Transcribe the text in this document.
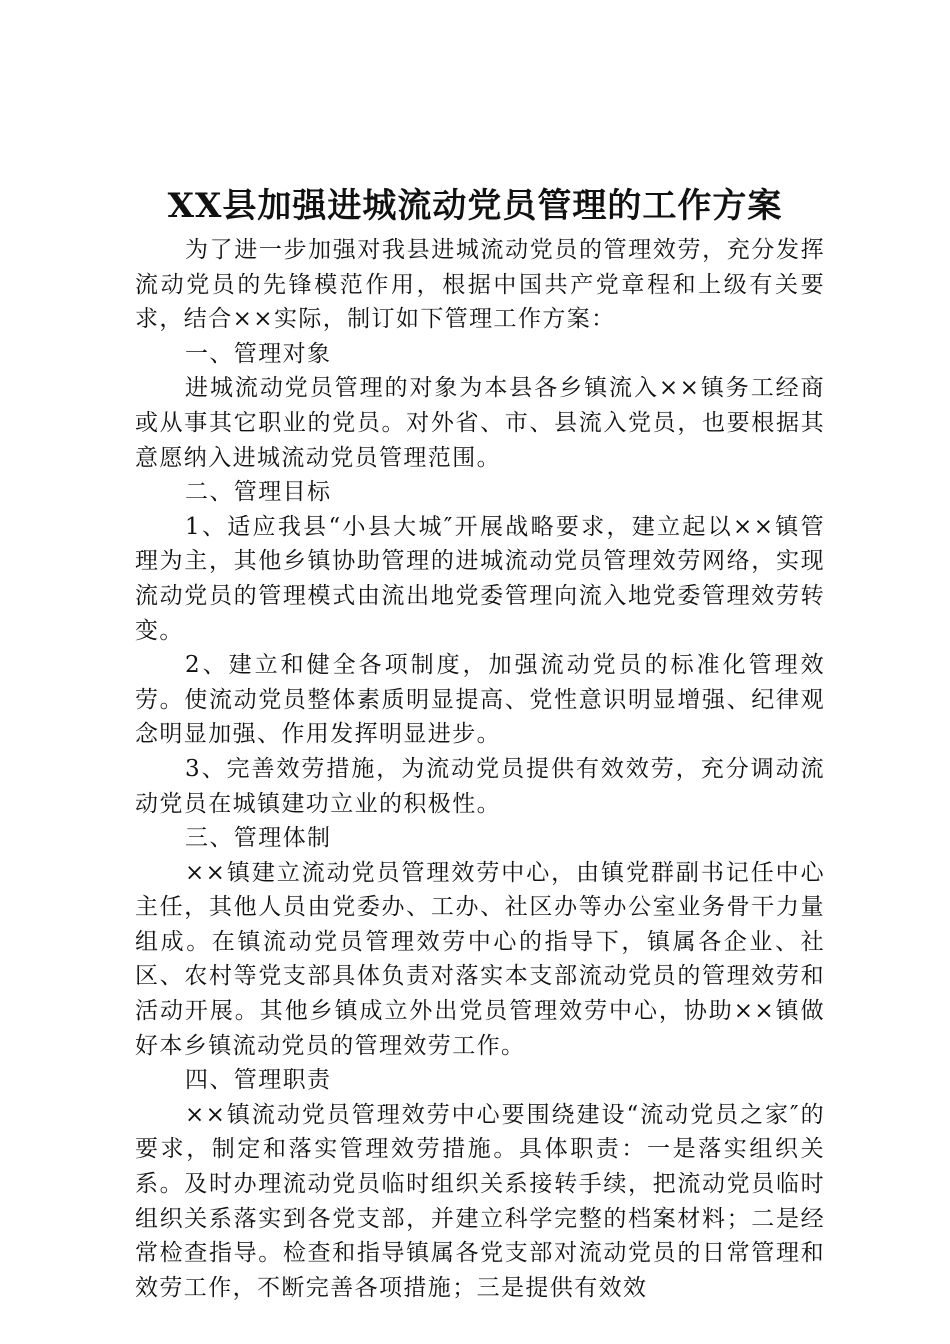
XX县加强进城流动党员管理的工作方案

为了进一步加强对我县进城流动党员的管理效劳，充分发挥流动党员的先锋模范作用，根据中国共产党章程和上级有关要求，结合××实际，制订如下管理工作方案：

一、管理对象

进城流动党员管理的对象为本县各乡镇流入××镇务工经商或从事其它职业的党员。对外省、市、县流入党员，也要根据其意愿纳入进城流动党员管理范围。

二、管理目标

1、适应我县“小县大城″开展战略要求，建立起以××镇管理为主，其他乡镇协助管理的进城流动党员管理效劳网络，实现流动党员的管理模式由流出地党委管理向流入地党委管理效劳转变。

2、建立和健全各项制度，加强流动党员的标准化管理效劳。使流动党员整体素质明显提高、党性意识明显增强、纪律观念明显加强、作用发挥明显进步。

3、完善效劳措施，为流动党员提供有效效劳，充分调动流动党员在城镇建功立业的积极性。

三、管理体制

××镇建立流动党员管理效劳中心，由镇党群副书记任中心主任，其他人员由党委办、工办、社区办等办公室业务骨干力量组成。在镇流动党员管理效劳中心的指导下，镇属各企业、社区、农村等党支部具体负责对落实本支部流动党员的管理效劳和活动开展。其他乡镇成立外出党员管理效劳中心，协助××镇做好本乡镇流动党员的管理效劳工作。

四、管理职责

××镇流动党员管理效劳中心要围绕建设“流动党员之家″的要求，制定和落实管理效劳措施。具体职责：一是落实组织关系。及时办理流动党员临时组织关系接转手续，把流动党员临时组织关系落实到各党支部，并建立科学完整的档案材料；二是经常检查指导。检查和指导镇属各党支部对流动党员的日常管理和效劳工作，不断完善各项措施；三是提供有效效
